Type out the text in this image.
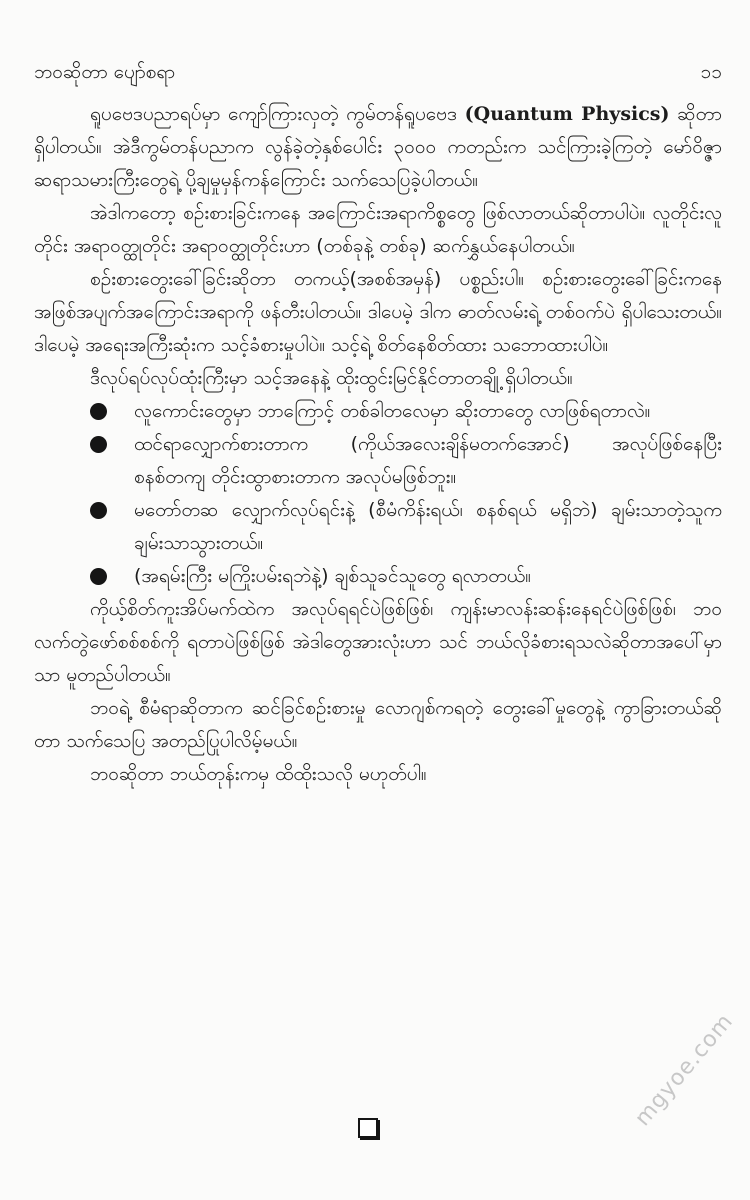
ဘဝဆိုတာ ပျော်စရာ	၁၁

ရူပဗေဒပညာရပ်မှာ ကျော်ကြားလှတဲ့ ကွမ်တန်ရူပဗေဒ (Quantum Physics) ဆိုတာ ရှိပါတယ်။ အဲဒီကွမ်တန်ပညာက လွန်ခဲ့တဲ့နှစ်ပေါင်း ၃၀၀၀ ကတည်းက သင်ကြားခဲ့ကြတဲ့ မော်ဝိဇ္ဇာ ဆရာသမားကြီးတွေရဲ့ ပို့ချမှုမှန်ကန်ကြောင်း သက်သေပြခဲ့ပါတယ်။

အဲဒါကတော့ စဉ်းစားခြင်းကနေ အကြောင်းအရာကိစ္စတွေ ဖြစ်လာတယ်ဆိုတာပါပဲ။ လူတိုင်းလူတိုင်း အရာဝတ္ထုတိုင်း အရာဝတ္ထုတိုင်းဟာ (တစ်ခုနဲ့ တစ်ခု) ဆက်နွှယ်နေပါတယ်။

စဉ်းစားတွေးခေါ်ခြင်းဆိုတာ တကယ့်(အစစ်အမှန်) ပစ္စည်းပါ။ စဉ်းစားတွေးခေါ်ခြင်းကနေ အဖြစ်အပျက်အကြောင်းအရာကို ဖန်တီးပါတယ်။ ဒါပေမဲ့ ဒါက ဓာတ်လမ်းရဲ့ တစ်ဝက်ပဲ ရှိပါသေးတယ်။ ဒါပေမဲ့ အရေးအကြီးဆုံးက သင့်ခံစားမှုပါပဲ။ သင့်ရဲ့ စိတ်နေစိတ်ထား သဘောထားပါပဲ။

ဒီလုပ်ရပ်လုပ်ထုံးကြီးမှာ သင့်အနေနဲ့ ထိုးထွင်းမြင်နိုင်တာတချို့ ရှိပါတယ်။

လူကောင်းတွေမှာ ဘာကြောင့် တစ်ခါတလေမှာ ဆိုးတာတွေ လာဖြစ်ရတာလဲ။
ထင်ရာလျှောက်စားတာက (ကိုယ်အလေးချိန်မတက်အောင်) အလုပ်ဖြစ်နေပြီး စနစ်တကျ တိုင်းထွာစားတာက အလုပ်မဖြစ်ဘူး။
မတော်တဆ လျှောက်လုပ်ရင်းနဲ့ (စီမံကိန်းရယ်၊ စနစ်ရယ် မရှိဘဲ) ချမ်းသာတဲ့သူက ချမ်းသာသွားတယ်။
(အရမ်းကြီး မကြိုးပမ်းရဘဲနဲ့) ချစ်သူခင်သူတွေ ရလာတယ်။

ကိုယ့်စိတ်ကူးအိပ်မက်ထဲက အလုပ်ရရင်ပဲဖြစ်ဖြစ်၊ ကျန်းမာလန်းဆန်းနေရင်ပဲဖြစ်ဖြစ်၊ ဘဝလက်တွဲဖော်စစ်စစ်ကို ရတာပဲဖြစ်ဖြစ် အဲဒါတွေအားလုံးဟာ သင် ဘယ်လိုခံစားရသလဲဆိုတာအပေါ်မှာသာ မူတည်ပါတယ်။

ဘဝရဲ့ စီမံရာဆိုတာက ဆင်ခြင်စဉ်းစားမှု လောဂျစ်ကရတဲ့ တွေးခေါ်မှုတွေနဲ့ ကွာခြားတယ်ဆိုတာ သက်သေပြ အတည်ပြုပါလိမ့်မယ်။

ဘဝဆိုတာ ဘယ်တုန်းကမှ ထိထိုးသလို မဟုတ်ပါ။

mgyoe.com
